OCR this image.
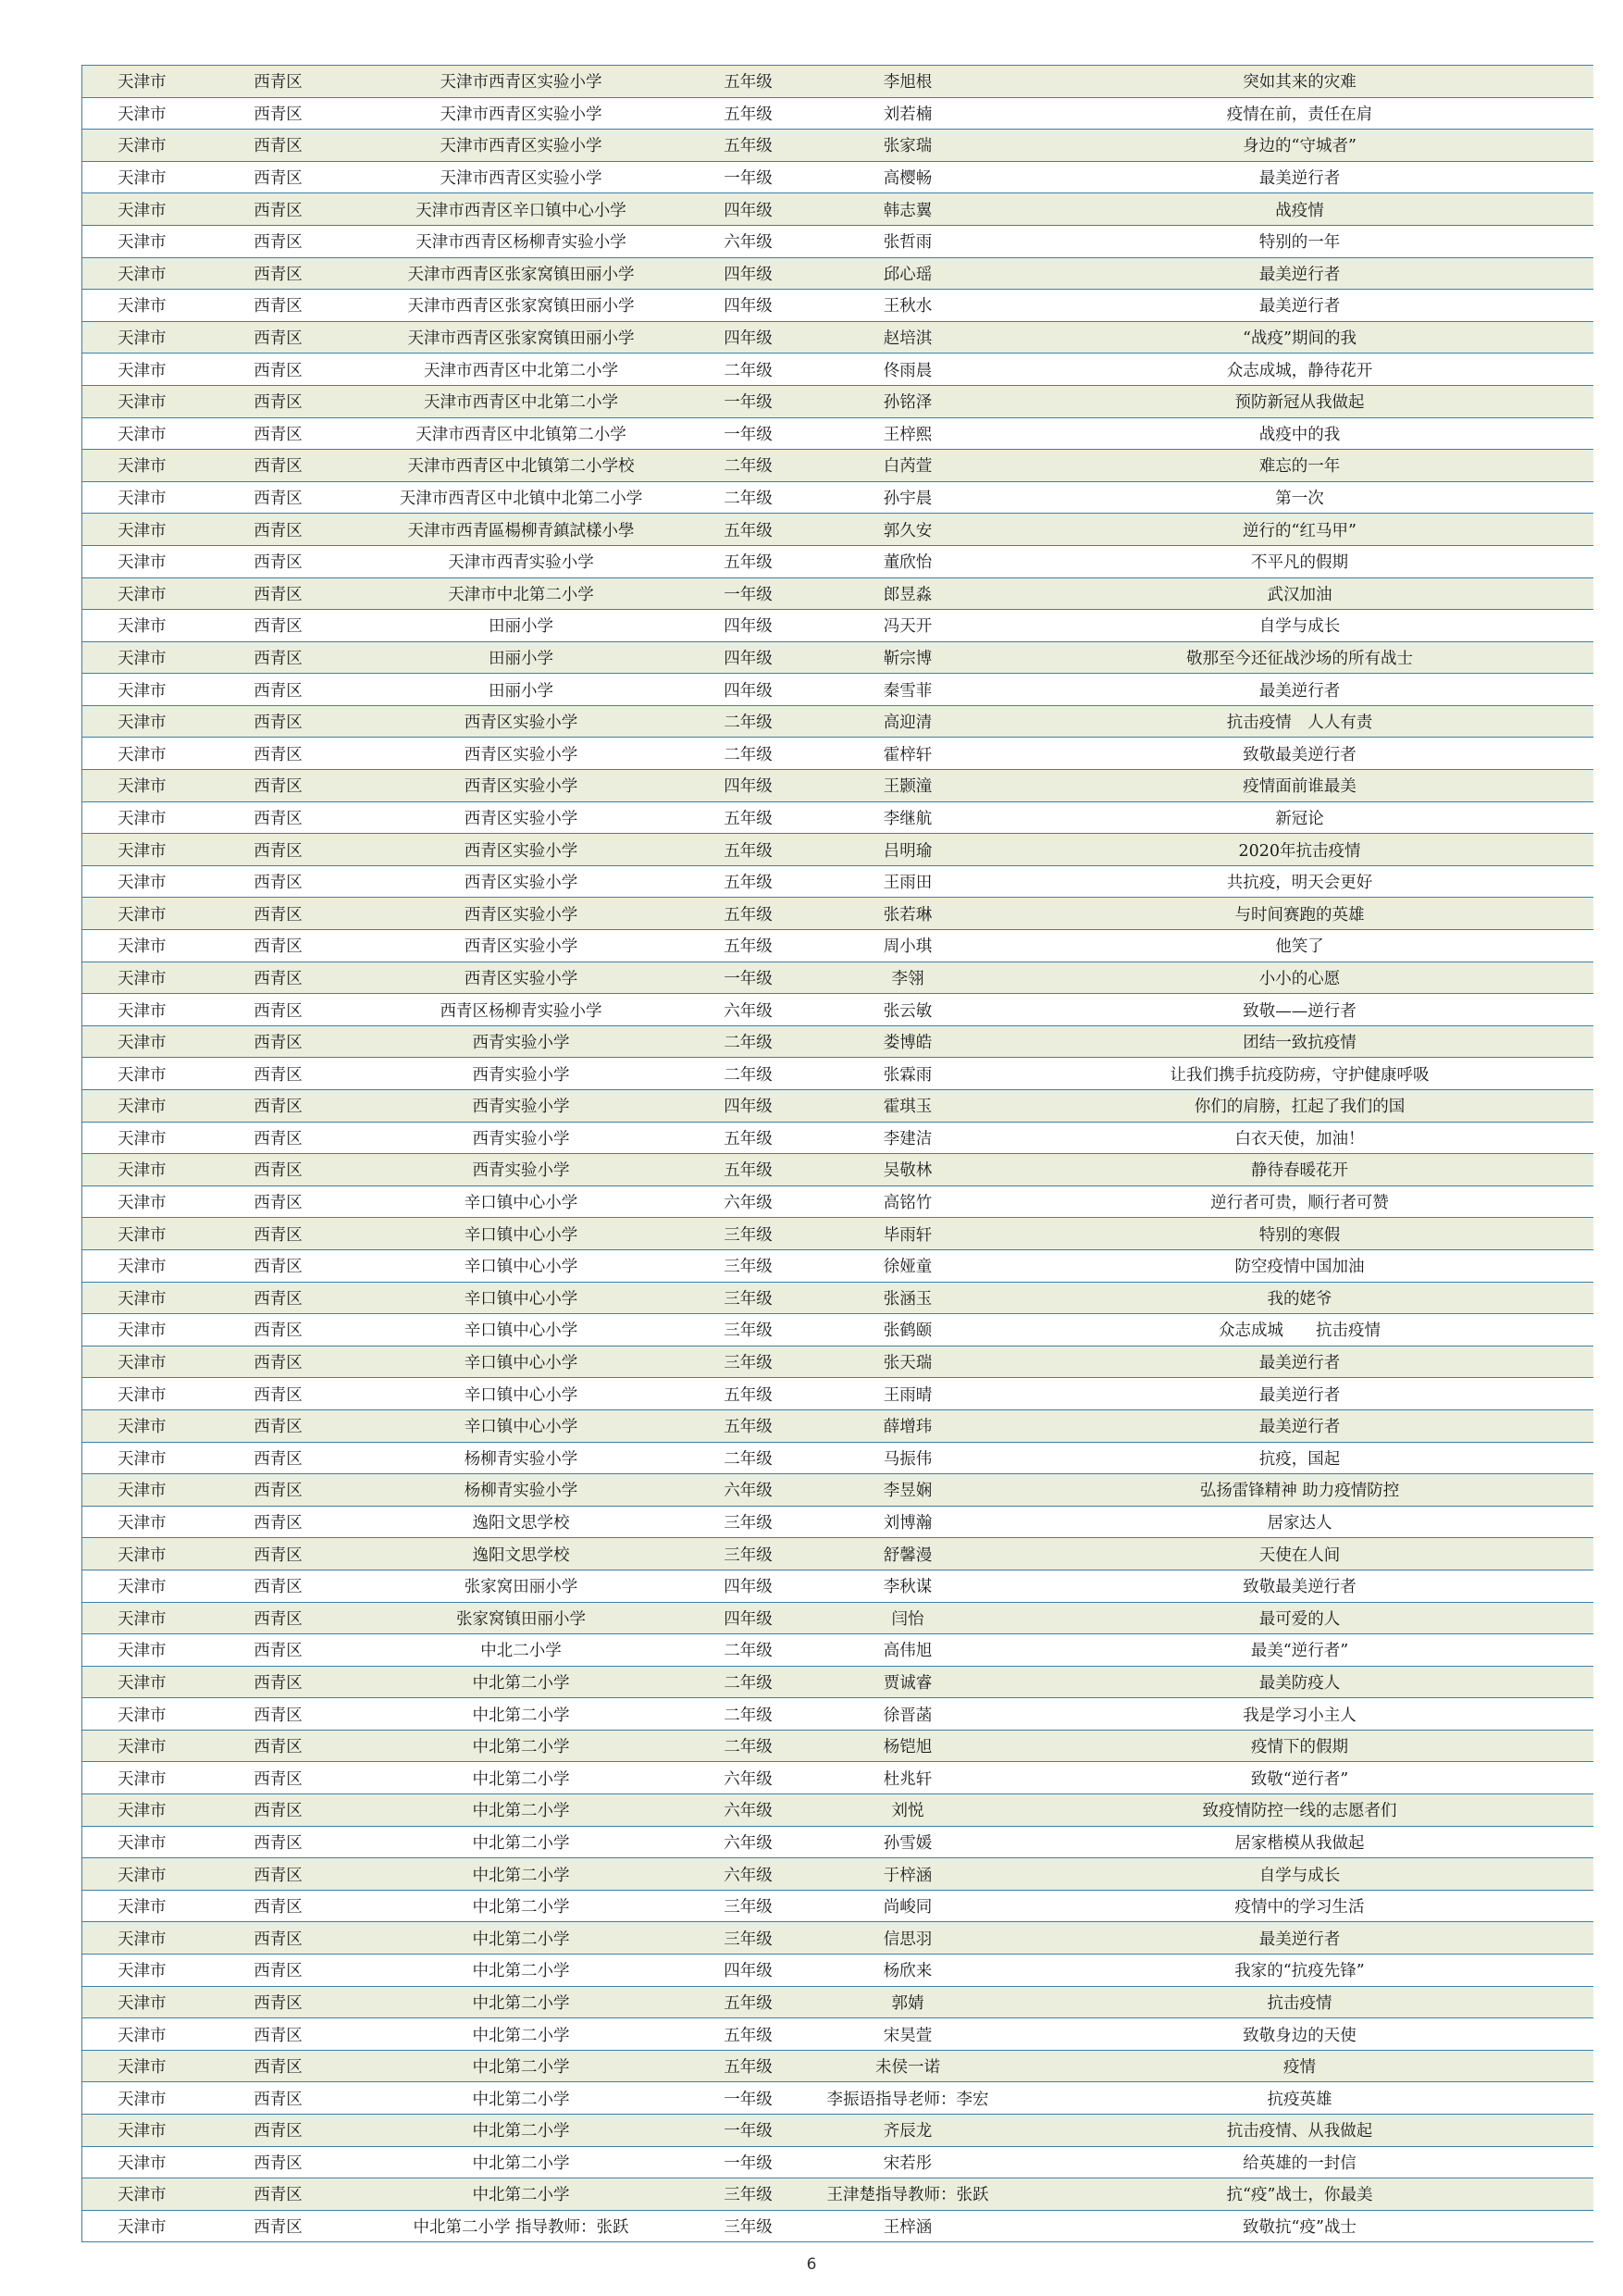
天津市	西青区	天津市西青区实验小学	五年级	李旭根	突如其来的灾难
天津市	西青区	天津市西青区实验小学	五年级	刘若楠	疫情在前，责任在肩
天津市	西青区	天津市西青区实验小学	五年级	张家瑞	身边的“守城者”
天津市	西青区	天津市西青区实验小学	一年级	高樱畅	最美逆行者
天津市	西青区	天津市西青区辛口镇中心小学	四年级	韩志翼	战疫情
天津市	西青区	天津市西青区杨柳青实验小学	六年级	张哲雨	特别的一年
天津市	西青区	天津市西青区张家窝镇田丽小学	四年级	邱心瑶	最美逆行者
天津市	西青区	天津市西青区张家窝镇田丽小学	四年级	王秋水	最美逆行者
天津市	西青区	天津市西青区张家窝镇田丽小学	四年级	赵培淇	“战疫”期间的我
天津市	西青区	天津市西青区中北第二小学	二年级	佟雨晨	众志成城，静待花开
天津市	西青区	天津市西青区中北第二小学	一年级	孙铭泽	预防新冠从我做起
天津市	西青区	天津市西青区中北镇第二小学	一年级	王梓熙	战疫中的我
天津市	西青区	天津市西青区中北镇第二小学校	二年级	白芮萱	难忘的一年
天津市	西青区	天津市西青区中北镇中北第二小学	二年级	孙宇晨	第一次
天津市	西青区	天津市西青區楊柳青鎮試樣小學	五年级	郭久安	逆行的“红马甲”
天津市	西青区	天津市西青实验小学	五年级	董欣怡	不平凡的假期
天津市	西青区	天津市中北第二小学	一年级	郎昱淼	武汉加油
天津市	西青区	田丽小学	四年级	冯天开	自学与成长
天津市	西青区	田丽小学	四年级	靳宗博	敬那至今还征战沙场的所有战士
天津市	西青区	田丽小学	四年级	秦雪菲	最美逆行者
天津市	西青区	西青区实验小学	二年级	高迎清	抗击疫情　人人有责
天津市	西青区	西青区实验小学	二年级	霍梓轩	致敬最美逆行者
天津市	西青区	西青区实验小学	四年级	王颢潼	疫情面前谁最美
天津市	西青区	西青区实验小学	五年级	李继航	新冠论
天津市	西青区	西青区实验小学	五年级	吕明瑜	2020年抗击疫情
天津市	西青区	西青区实验小学	五年级	王雨田	共抗疫，明天会更好
天津市	西青区	西青区实验小学	五年级	张若琳	与时间赛跑的英雄
天津市	西青区	西青区实验小学	五年级	周小琪	他笑了
天津市	西青区	西青区实验小学	一年级	李翎	小小的心愿
天津市	西青区	西青区杨柳青实验小学	六年级	张云敏	致敬——逆行者
天津市	西青区	西青实验小学	二年级	娄博皓	团结一致抗疫情
天津市	西青区	西青实验小学	二年级	张霖雨	让我们携手抗疫防痨，守护健康呼吸
天津市	西青区	西青实验小学	四年级	霍琪玉	你们的肩膀，扛起了我们的国
天津市	西青区	西青实验小学	五年级	李建洁	白衣天使，加油！
天津市	西青区	西青实验小学	五年级	吴敬林	静待春暖花开
天津市	西青区	辛口镇中心小学	六年级	高铭竹	逆行者可贵，顺行者可赞
天津市	西青区	辛口镇中心小学	三年级	毕雨轩	特别的寒假
天津市	西青区	辛口镇中心小学	三年级	徐娅童	防空疫情中国加油
天津市	西青区	辛口镇中心小学	三年级	张涵玉	我的姥爷
天津市	西青区	辛口镇中心小学	三年级	张鹤颐	众志成城　　抗击疫情
天津市	西青区	辛口镇中心小学	三年级	张天瑞	最美逆行者
天津市	西青区	辛口镇中心小学	五年级	王雨晴	最美逆行者
天津市	西青区	辛口镇中心小学	五年级	薛增玮	最美逆行者
天津市	西青区	杨柳青实验小学	二年级	马振伟	抗疫，国起
天津市	西青区	杨柳青实验小学	六年级	李昱娴	弘扬雷锋精神 助力疫情防控
天津市	西青区	逸阳文思学校	三年级	刘博瀚	居家达人
天津市	西青区	逸阳文思学校	三年级	舒馨漫	天使在人间
天津市	西青区	张家窝田丽小学	四年级	李秋谋	致敬最美逆行者
天津市	西青区	张家窝镇田丽小学	四年级	闫怡	最可爱的人
天津市	西青区	中北二小学	二年级	高伟旭	最美“逆行者”
天津市	西青区	中北第二小学	二年级	贾诚睿	最美防疫人
天津市	西青区	中北第二小学	二年级	徐晋菡	我是学习小主人
天津市	西青区	中北第二小学	二年级	杨铠旭	疫情下的假期
天津市	西青区	中北第二小学	六年级	杜兆轩	致敬“逆行者”
天津市	西青区	中北第二小学	六年级	刘悦	致疫情防控一线的志愿者们
天津市	西青区	中北第二小学	六年级	孙雪媛	居家楷模从我做起
天津市	西青区	中北第二小学	六年级	于梓涵	自学与成长
天津市	西青区	中北第二小学	三年级	尚峻同	疫情中的学习生活
天津市	西青区	中北第二小学	三年级	信思羽	最美逆行者
天津市	西青区	中北第二小学	四年级	杨欣来	我家的“抗疫先锋”
天津市	西青区	中北第二小学	五年级	郭婧	抗击疫情
天津市	西青区	中北第二小学	五年级	宋昊萱	致敬身边的天使
天津市	西青区	中北第二小学	五年级	未侯一诺	疫情
天津市	西青区	中北第二小学	一年级	李振语指导老师：李宏	抗疫英雄
天津市	西青区	中北第二小学	一年级	齐辰龙	抗击疫情、从我做起
天津市	西青区	中北第二小学	一年级	宋若彤	给英雄的一封信
天津市	西青区	中北第二小学	三年级	王津楚指导教师：张跃	抗“疫”战士，你最美
天津市	西青区	中北第二小学 指导教师：张跃	三年级	王梓涵	致敬抗“疫”战士
6
